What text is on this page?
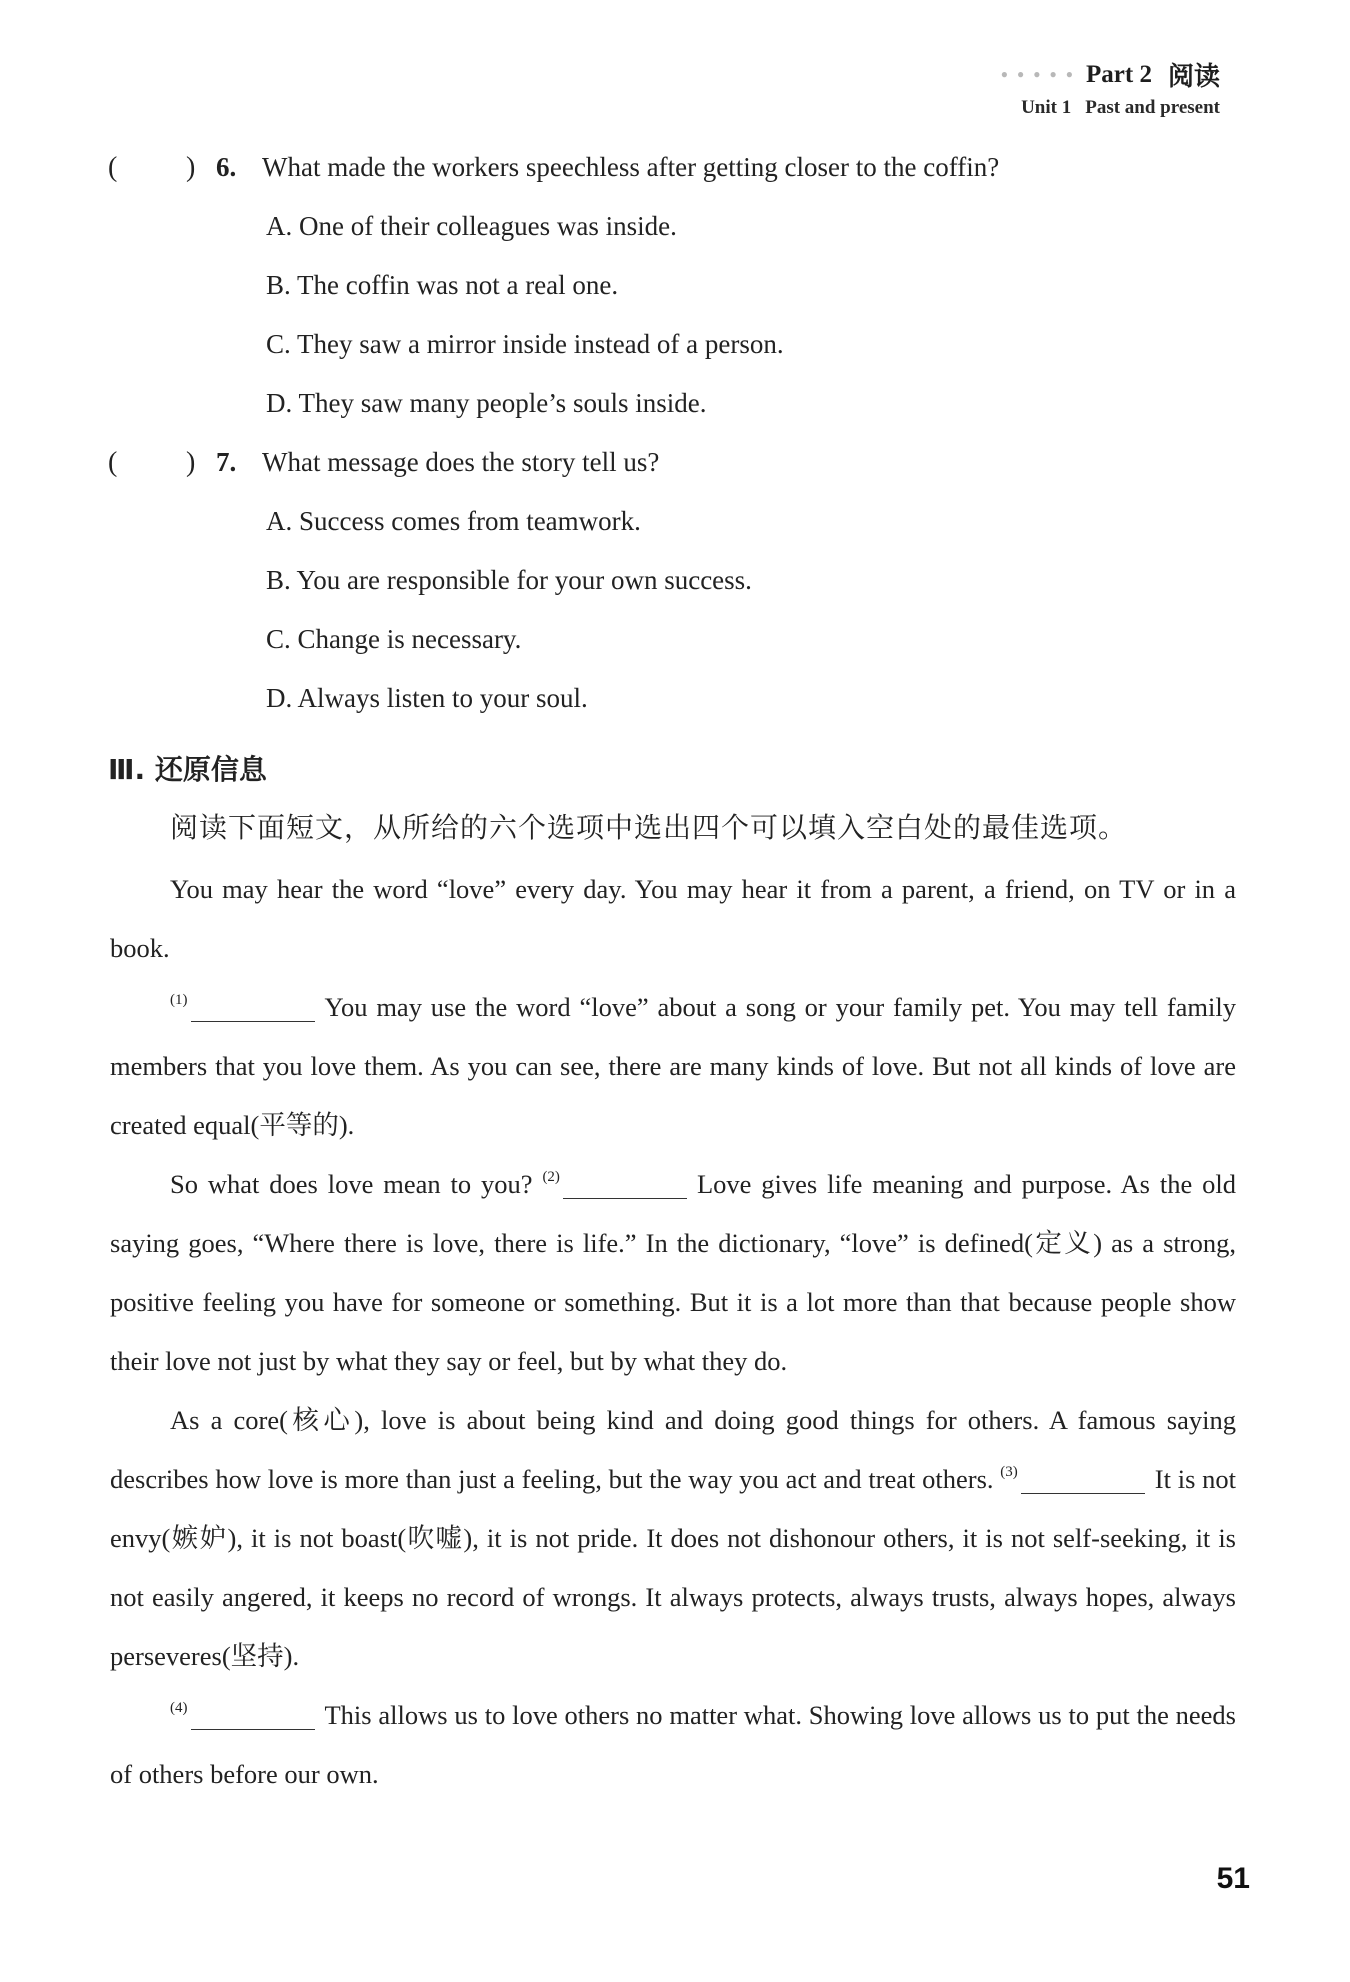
● ● ● ● ● Part 2 阅读
Unit 1 Past and present
( ) 6. What made the workers speechless after getting closer to the coffin?
A. One of their colleagues was inside.
B. The coffin was not a real one.
C. They saw a mirror inside instead of a person.
D. They saw many people’s souls inside.
( ) 7. What message does the story tell us?
A. Success comes from teamwork.
B. You are responsible for your own success.
C. Change is necessary.
D. Always listen to your soul.
Ⅲ. 还原信息
阅读下面短文，从所给的六个选项中选出四个可以填入空白处的最佳选项。

You may hear the word “love” every day. You may hear it from a parent, a friend, on TV or in a book.

$^{(1)}$	You may use the word “love” about a song or your family pet. You may tell family members that you love them. As you can see, there are many kinds of love. But not all kinds of love are created equal(平等的).

So what does love mean to you? $^{(2)}$	Love gives life meaning and purpose. As the old saying goes, “Where there is love, there is life.” In the dictionary, “love” is defined(定义) as a strong, positive feeling you have for someone or something. But it is a lot more than that because people show their love not just by what they say or feel, but by what they do.

As a core(核心), love is about being kind and doing good things for others. A famous saying describes how love is more than just a feeling, but the way you act and treat others. $^{(3)}$	It is not envy(嫉妒), it is not boast(吹嘘), it is not pride. It does not dishonour others, it is not self-seeking, it is not easily angered, it keeps no record of wrongs. It always protects, always trusts, always hopes, always perseveres(坚持).

$^{(4)}$	This allows us to love others no matter what. Showing love allows us to put the needs of others before our own.

51
